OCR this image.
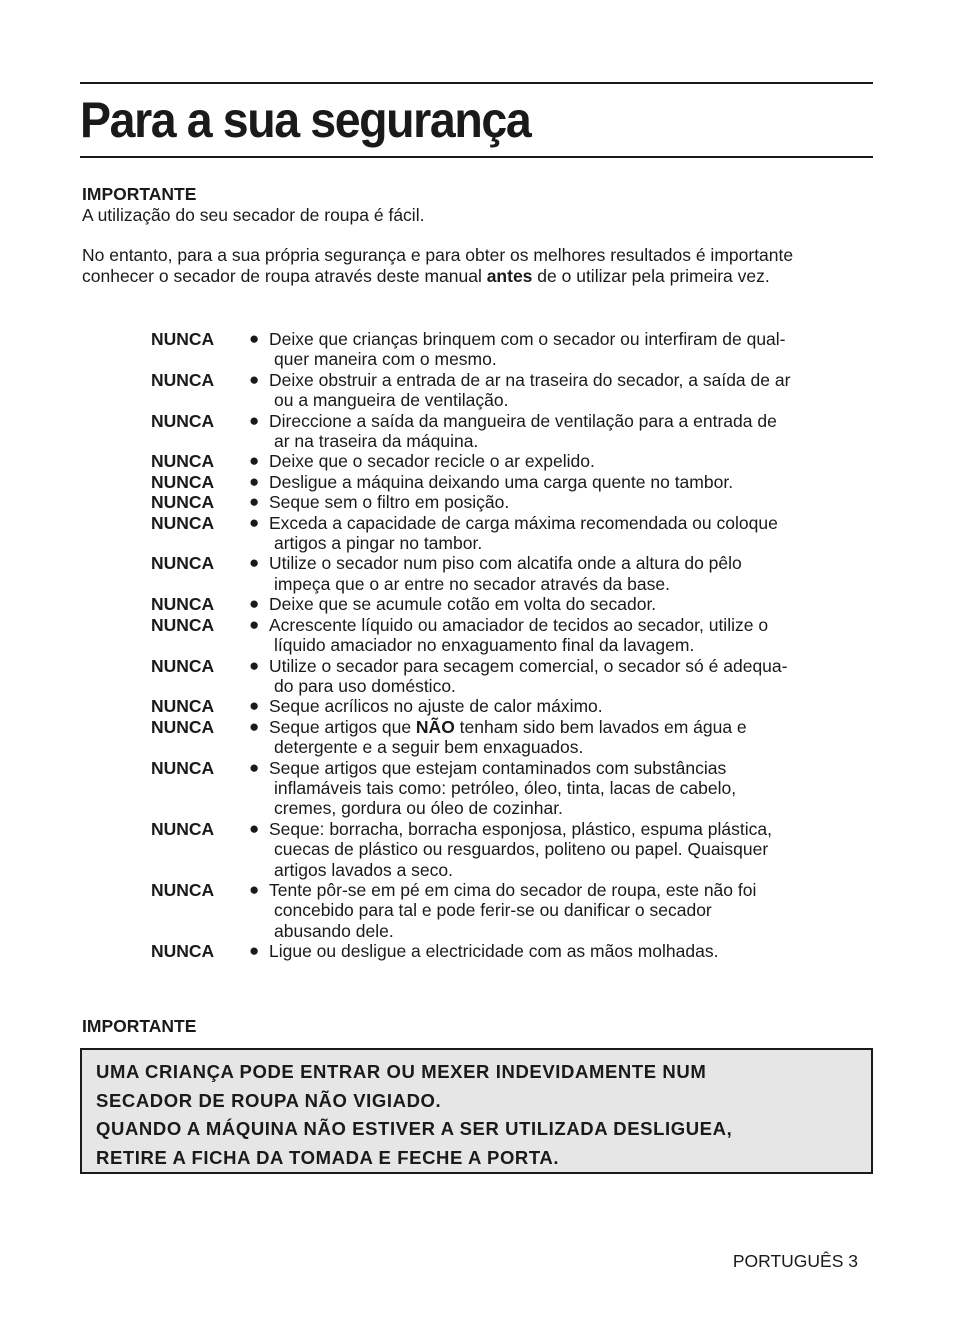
Para a sua segurança

IMPORTANTE

A utilização do seu secador de roupa é fácil.

No entanto, para a sua própria segurança e para obter os melhores resultados é importante conhecer o secador de roupa através deste manual antes de o utilizar pela primeira vez.

NUNCA	● Deixe que crianças brinquem com o secador ou interfiram de qual-
quer maneira com o mesmo.
NUNCA	● Deixe obstruir a entrada de ar na traseira do secador, a saída de ar
ou a mangueira de ventilação.
NUNCA	● Direccione a saída da mangueira de ventilação para a entrada de
ar na traseira da máquina.
NUNCA	● Deixe que o secador recicle o ar expelido.
NUNCA	● Desligue a máquina deixando uma carga quente no tambor.
NUNCA	● Seque sem o filtro em posição.
NUNCA	● Exceda a capacidade de carga máxima recomendada ou coloque
artigos a pingar no tambor.
NUNCA	● Utilize o secador num piso com alcatifa onde a altura do pêlo
impeça que o ar entre no secador através da base.
NUNCA	● Deixe que se acumule cotão em volta do secador.
NUNCA	● Acrescente líquido ou amaciador de tecidos ao secador, utilize o
líquido amaciador no enxaguamento final da lavagem.
NUNCA	● Utilize o secador para secagem comercial, o secador só é adequa-
do para uso doméstico.
NUNCA	● Seque acrílicos no ajuste de calor máximo.
NUNCA	● Seque artigos que NÃO tenham sido bem lavados em água e
detergente e a seguir bem enxaguados.
NUNCA	● Seque artigos que estejam contaminados com substâncias
inflamáveis tais como: petróleo, óleo, tinta, lacas de cabelo,
cremes, gordura ou óleo de cozinhar.
NUNCA	● Seque: borracha, borracha esponjosa, plástico, espuma plástica,
cuecas de plástico ou resguardos, politeno ou papel. Quaisquer
artigos lavados a seco.
NUNCA	● Tente pôr-se em pé em cima do secador de roupa, este não foi
concebido para tal e pode ferir-se ou danificar o secador
abusando dele.
NUNCA	● Ligue ou desligue a electricidade com as mãos molhadas.
IMPORTANTE
UMA CRIANÇA PODE ENTRAR OU MEXER INDEVIDAMENTE NUM
SECADOR DE ROUPA NÃO VIGIADO.
QUANDO A MÁQUINA NÃO ESTIVER A SER UTILIZADA DESLIGUEA,
RETIRE A FICHA DA TOMADA E FECHE A PORTA.
PORTUGUÊS 3
